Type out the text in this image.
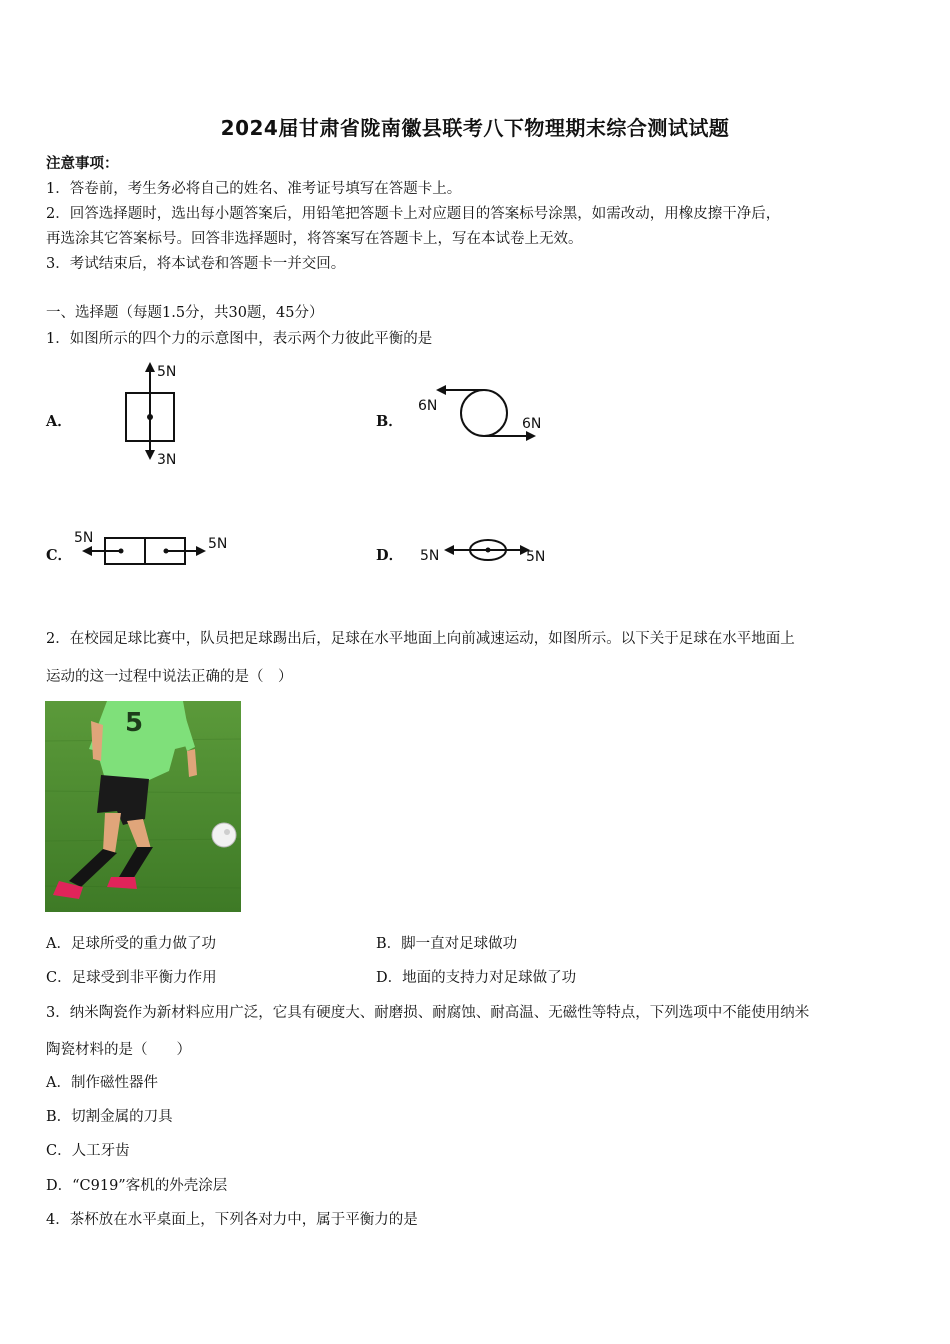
2024届甘肃省陇南徽县联考八下物理期末综合测试试题
注意事项：
1．答卷前，考生务必将自己的姓名、准考证号填写在答题卡上。
2．回答选择题时，选出每小题答案后，用铅笔把答题卡上对应题目的答案标号涂黑，如需改动，用橡皮擦干净后，
再选涂其它答案标号。回答非选择题时，将答案写在答题卡上，写在本试卷上无效。
3．考试结束后，将本试卷和答题卡一并交回。
一、选择题（每题1.5分，共30题，45分）
1．如图所示的四个力的示意图中，表示两个力彼此平衡的是
A．
5N
3N
B．
6N
6N
C．
5N	5N
D． 5N	5N
2．在校园足球比赛中，队员把足球踢出后，足球在水平地面上向前减速运动，如图所示。以下关于足球在水平地面上
运动的这一过程中说法正确的是（　）
5
A．足球所受的重力做了功	B．脚一直对足球做功
C．足球受到非平衡力作用	D．地面的支持力对足球做了功
3．纳米陶瓷作为新材料应用广泛，它具有硬度大、耐磨损、耐腐蚀、耐高温、无磁性等特点，下列选项中不能使用纳米
陶瓷材料的是（　　）
A．制作磁性器件
B．切割金属的刀具
C．人工牙齿
D．“C919”客机的外壳涂层
4．茶杯放在水平桌面上，下列各对力中，属于平衡力的是
